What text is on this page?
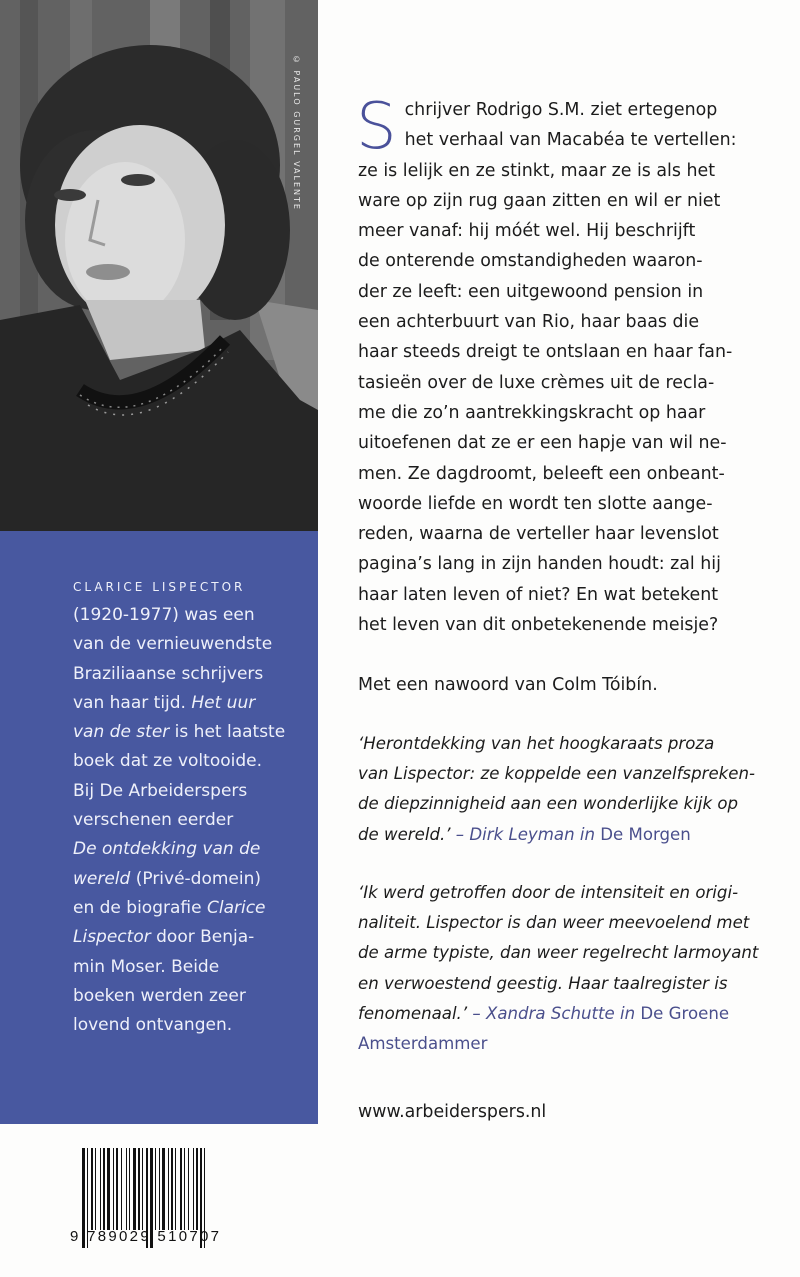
© PAULO GURGEL VALENTE
CLARICE LISPECTOR
(1920-1977) was een
van de vernieuwendste
Braziliaanse schrijvers
van haar tijd. Het uur
van de ster is het laatste
boek dat ze voltooide.
Bij De Arbeiderspers
verschenen eerder
De ontdekking van de
wereld (Privé-domein)
en de biografie Clarice
Lispector door Benja-
min Moser. Beide
boeken werden zeer
lovend ontvangen.
9 789029 510707
S chrijver Rodrigo S.M. ziet ertegenop
het verhaal van Macabéa te vertellen:
ze is lelijk en ze stinkt, maar ze is als het
ware op zijn rug gaan zitten en wil er niet
meer vanaf: hij móét wel. Hij beschrijft
de onterende omstandigheden waaron-
der ze leeft: een uitgewoond pension in
een achterbuurt van Rio, haar baas die
haar steeds dreigt te ontslaan en haar fan-
tasieën over de luxe crèmes uit de recla-
me die zo’n aantrekkingskracht op haar
uitoefenen dat ze er een hapje van wil ne-
men. Ze dagdroomt, beleeft een onbeant-
woorde liefde en wordt ten slotte aange-
reden, waarna de verteller haar levenslot
pagina’s lang in zijn handen houdt: zal hij
haar laten leven of niet? En wat betekent
het leven van dit onbetekenende meisje?
Met een nawoord van Colm Tóibín.
‘Herontdekking van het hoogkaraats proza
van Lispector: ze koppelde een vanzelfspreken-
de diepzinnigheid aan een wonderlijke kijk op
de wereld.’ – Dirk Leyman in De Morgen
‘Ik werd getroffen door de intensiteit en origi-
naliteit. Lispector is dan weer meevoelend met
de arme typiste, dan weer regelrecht larmoyant
en verwoestend geestig. Haar taalregister is
fenomenaal.’ – Xandra Schutte in De Groene
Amsterdammer
www.arbeiderspers.nl
